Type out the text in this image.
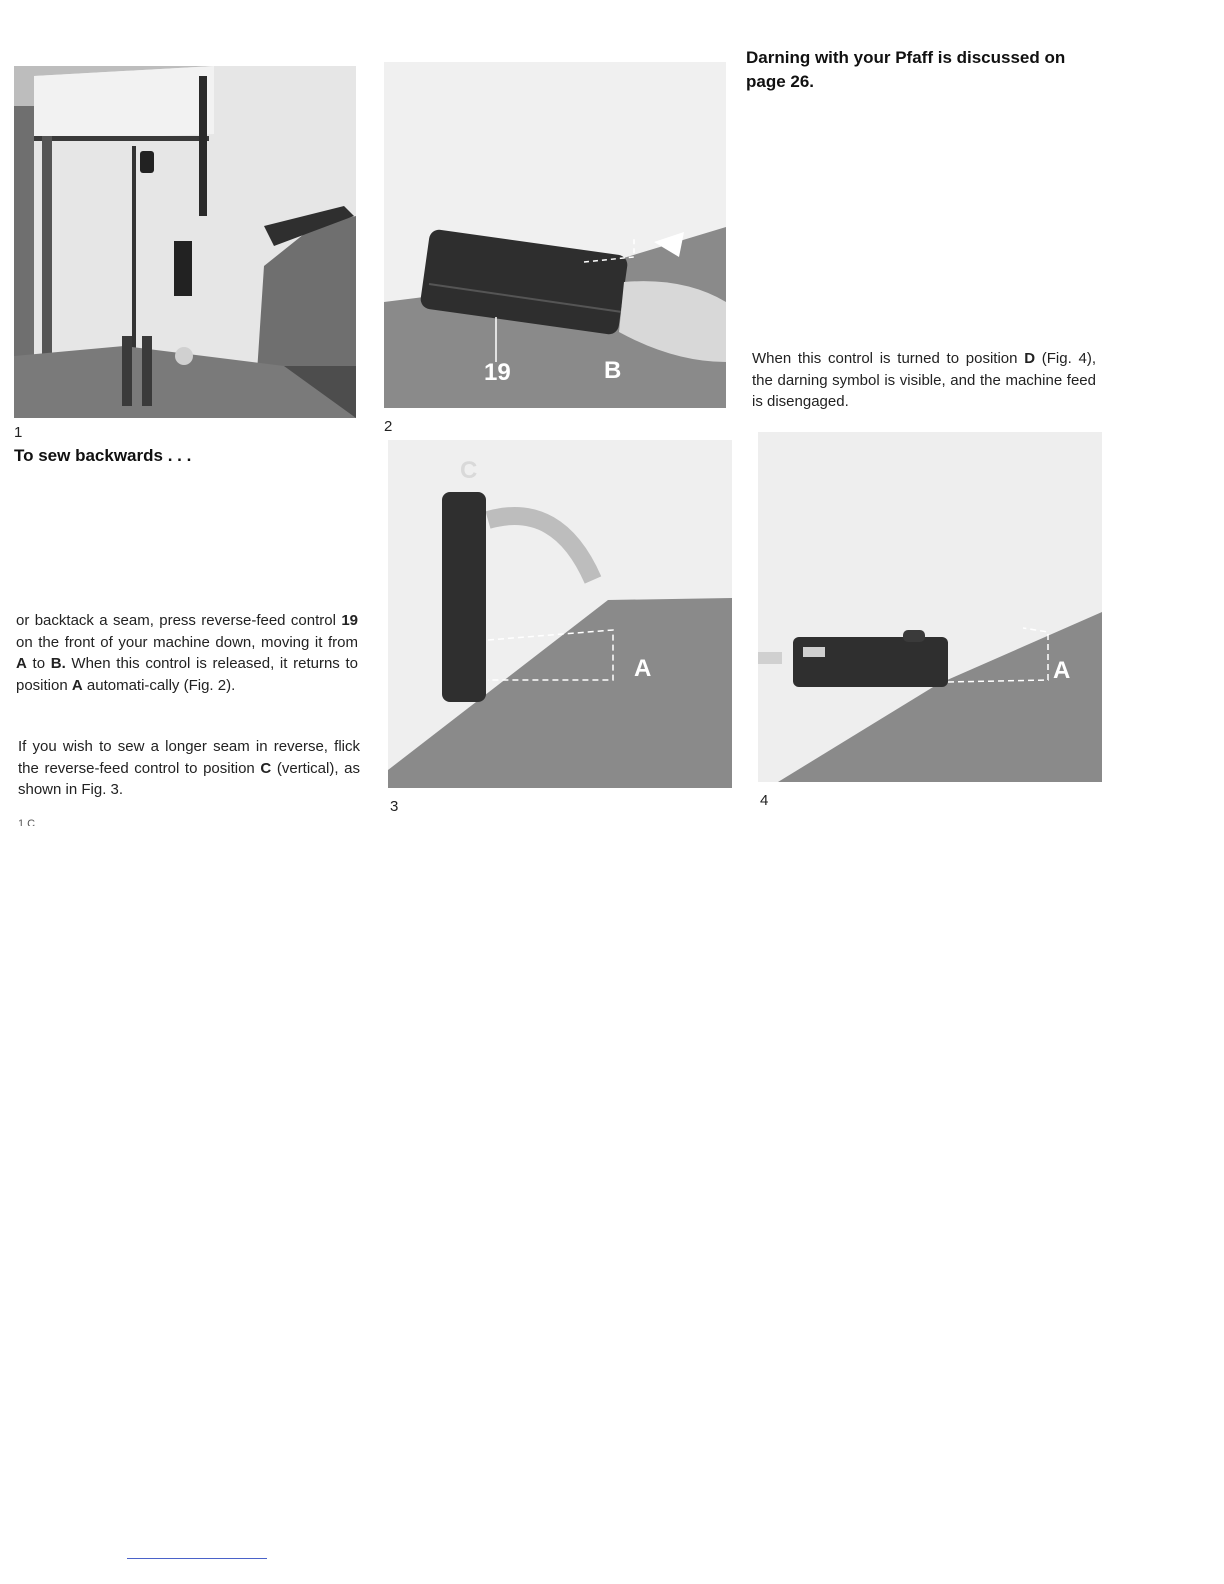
1
19	B
2
C
A
3
A
4
To sew backwards . . .
Darning with your Pfaff is discussed on
page 26.

or backtack a seam, press reverse-feed control 19 on the front of your machine down, moving it from A to B. When this control is released, it returns to position A automati-cally (Fig. 2).

If you wish to sew a longer seam in reverse, flick the reverse-feed control to position C (vertical), as shown in Fig. 3.

When this control is turned to position D (Fig. 4), the darning symbol is visible, and the machine feed is disengaged.

1 C
